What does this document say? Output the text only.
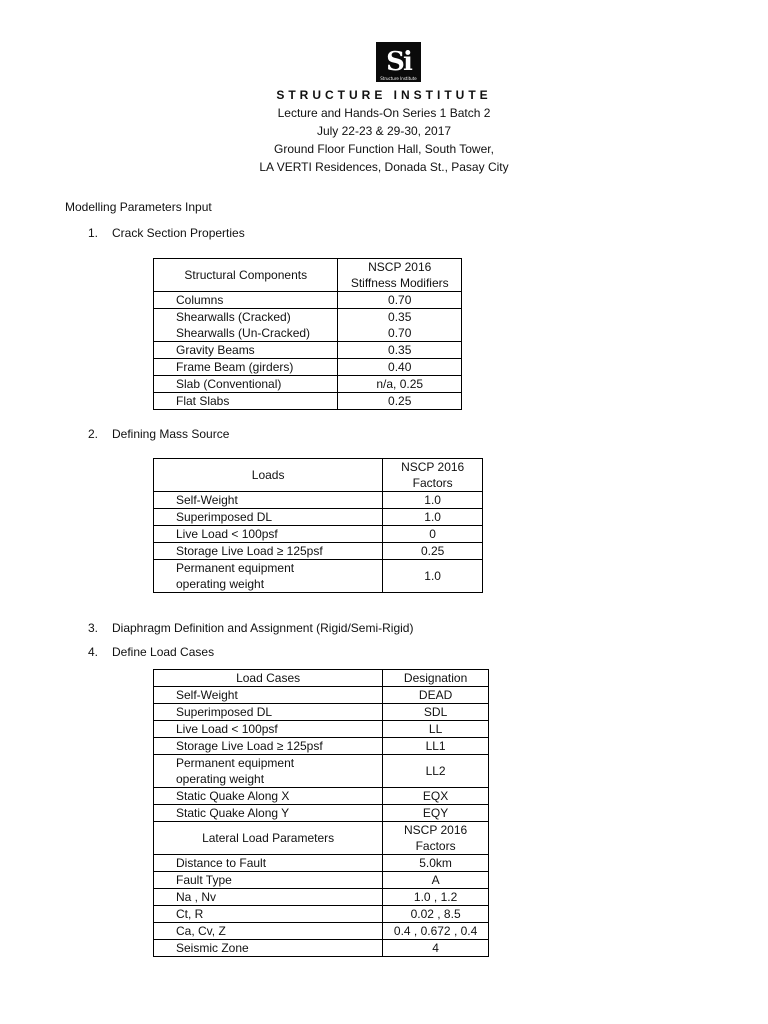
Si
Structure Institute
STRUCTURE INSTITUTE
Lecture and Hands-On Series 1 Batch 2
July 22-23 & 29-30, 2017
Ground Floor Function Hall, South Tower,
LA VERTI Residences, Donada St., Pasay City
Modelling Parameters Input
1. Crack Section Properties
Structural Components	NSCP 2016
Stiffness Modifiers
Columns	0.70
Shearwalls (Cracked)	0.35
Shearwalls (Un-Cracked)	0.70
Gravity Beams	0.35
Frame Beam (girders)	0.40
Slab (Conventional)	n/a, 0.25
Flat Slabs	0.25
2. Defining Mass Source
Loads	NSCP 2016
Factors
Self-Weight	1.0
Superimposed DL	1.0
Live Load < 100psf	0
Storage Live Load ≥ 125psf	0.25
Permanent equipment
operating weight	1.0
3. Diaphragm Definition and Assignment (Rigid/Semi-Rigid)
4. Define Load Cases
Load Cases	Designation
Self-Weight	DEAD
Superimposed DL	SDL
Live Load < 100psf	LL
Storage Live Load ≥ 125psf	LL1
Permanent equipment
operating weight	LL2
Static Quake Along X	EQX
Static Quake Along Y	EQY
Lateral Load Parameters	NSCP 2016
Factors
Distance to Fault	5.0km
Fault Type	A
Na , Nv	1.0 , 1.2
Ct, R	0.02 , 8.5
Ca, Cv, Z	0.4 , 0.672 , 0.4
Seismic Zone	4
